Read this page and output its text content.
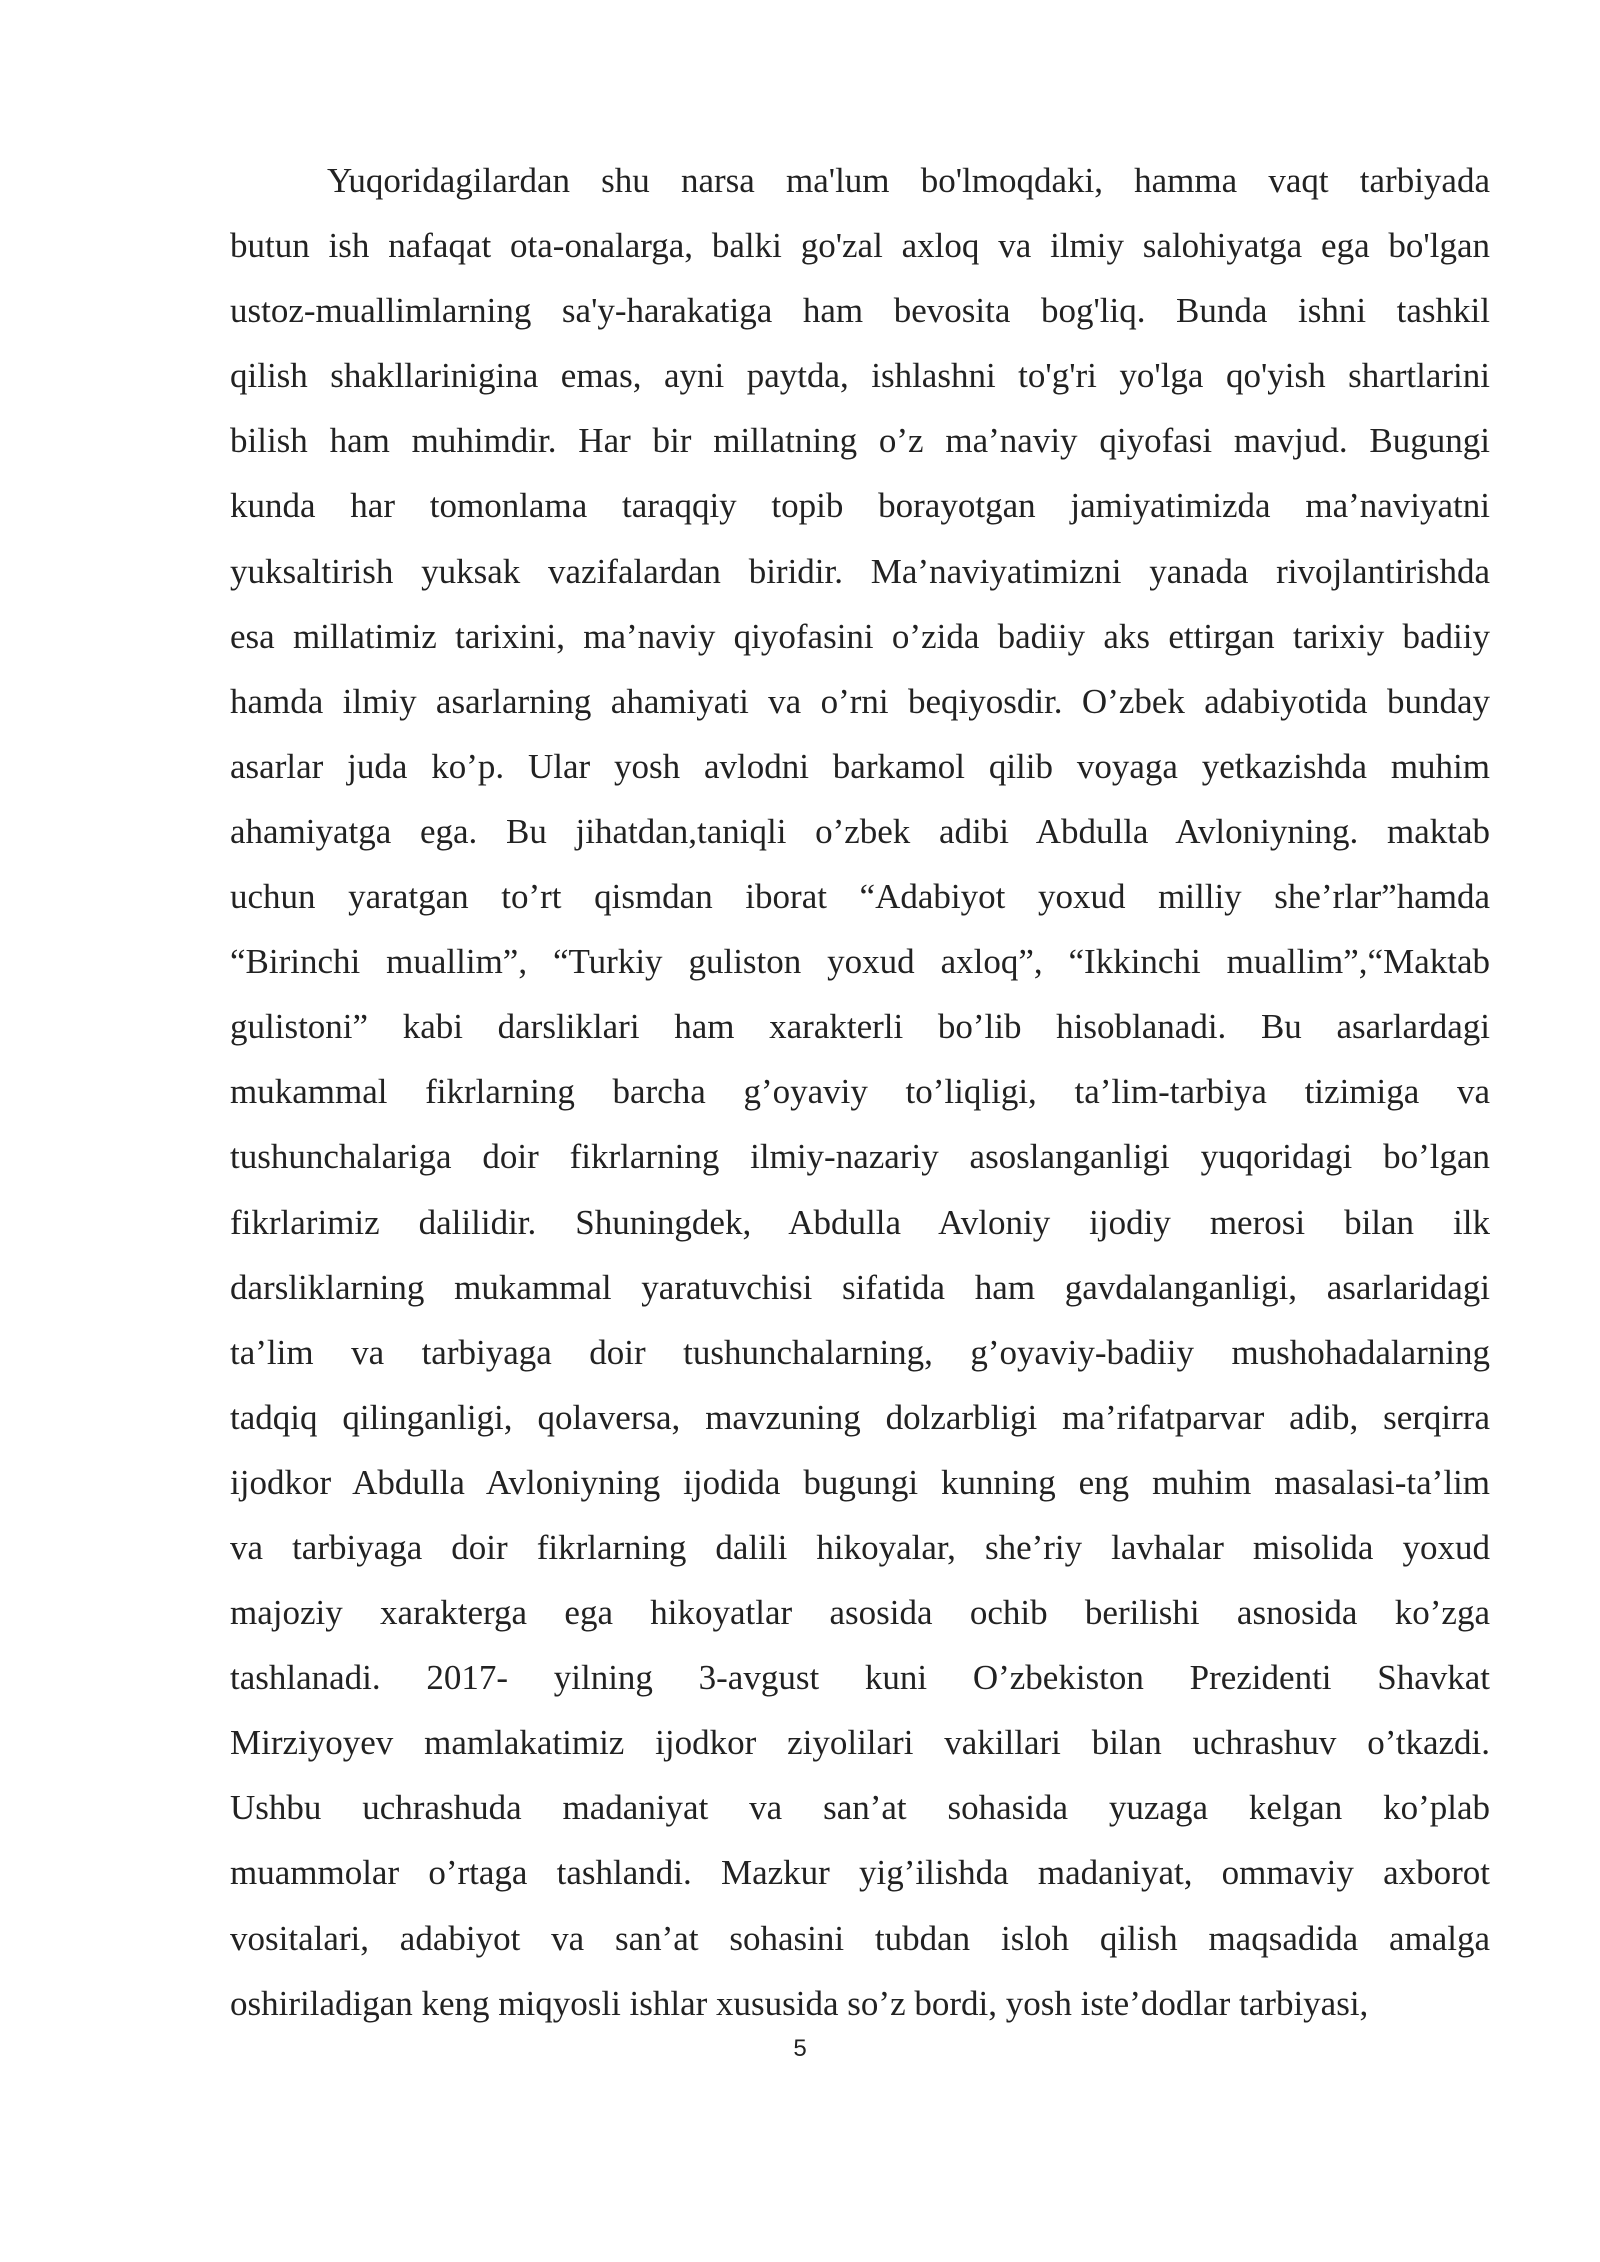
Yuqoridagilardan shu narsa ma'lum bo'lmoqdaki, hamma vaqt tarbiyada
butun ish nafaqat ota-onalarga, balki go'zal axloq va ilmiy salohiyatga ega bo'lgan
ustoz-muallimlarning sa'y-harakatiga ham bevosita bog'liq. Bunda ishni tashkil
qilish shakllarinigina emas, ayni paytda, ishlashni to'g'ri yo'lga qo'yish shartlarini
bilish ham muhimdir. Har bir millatning o’z ma’naviy qiyofasi mavjud. Bugungi
kunda har tomonlama taraqqiy topib borayotgan jamiyatimizda ma’naviyatni
yuksaltirish yuksak vazifalardan biridir. Ma’naviyatimizni yanada rivojlantirishda
esa millatimiz tarixini, ma’naviy qiyofasini o’zida badiiy aks ettirgan tarixiy badiiy
hamda ilmiy asarlarning ahamiyati va o’rni beqiyosdir. O’zbek adabiyotida bunday
asarlar juda ko’p. Ular yosh avlodni barkamol qilib voyaga yetkazishda muhim
ahamiyatga ega. Bu jihatdan,taniqli o’zbek adibi Abdulla Avloniyning. maktab
uchun yaratgan to’rt qismdan iborat “Adabiyot yoxud milliy she’rlar”hamda
“Birinchi muallim”, “Turkiy guliston yoxud axloq”, “Ikkinchi muallim”,“Maktab
gulistoni” kabi darsliklari ham xarakterli bo’lib hisoblanadi. Bu asarlardagi
mukammal fikrlarning barcha g’oyaviy to’liqligi, ta’lim-tarbiya tizimiga va
tushunchalariga doir fikrlarning ilmiy-nazariy asoslanganligi yuqoridagi bo’lgan
fikrlarimiz dalilidir. Shuningdek, Abdulla Avloniy ijodiy merosi bilan ilk
darsliklarning mukammal yaratuvchisi sifatida ham gavdalanganligi, asarlaridagi
ta’lim va tarbiyaga doir tushunchalarning, g’oyaviy-badiiy mushohadalarning
tadqiq qilinganligi, qolaversa, mavzuning dolzarbligi ma’rifatparvar adib, serqirra
ijodkor Abdulla Avloniyning ijodida bugungi kunning eng muhim masalasi-ta’lim
va tarbiyaga doir fikrlarning dalili hikoyalar, she’riy lavhalar misolida yoxud
majoziy xarakterga ega hikoyatlar asosida ochib berilishi asnosida ko’zga
tashlanadi. 2017- yilning 3-avgust kuni O’zbekiston Prezidenti Shavkat
Mirziyoyev mamlakatimiz ijodkor ziyolilari vakillari bilan uchrashuv o’tkazdi.
Ushbu uchrashuda madaniyat va san’at sohasida yuzaga kelgan ko’plab
muammolar o’rtaga tashlandi. Mazkur yig’ilishda madaniyat, ommaviy axborot
vositalari, adabiyot va san’at sohasini tubdan isloh qilish maqsadida amalga
oshiriladigan keng miqyosli ishlar xususida so’z bordi, yosh iste’dodlar tarbiyasi,
5
